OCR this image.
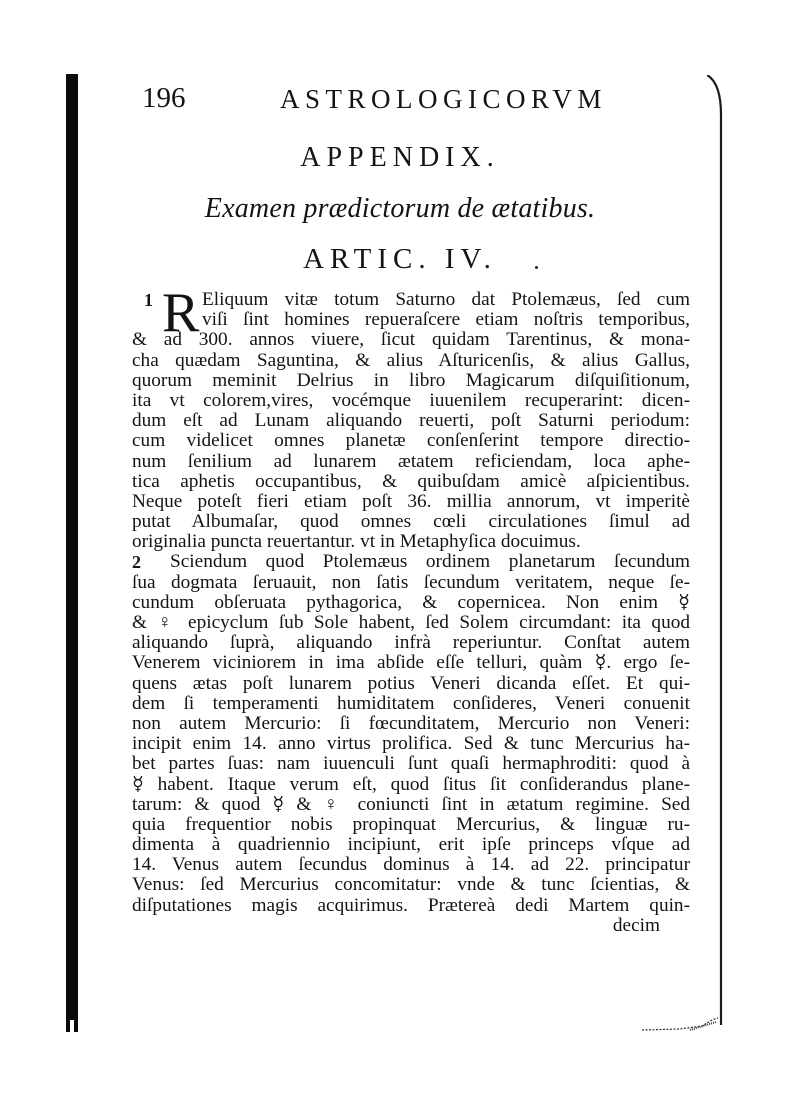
196	ASTROLOGICORVM
APPENDIX.
Examen prædictorum de ætatibus.
ARTIC. IV.
1 R Eliquum vitæ totum Saturno dat Ptolemæus, ſed cum
viſi ſint homines repueraſcere etiam noſtris temporibus,
& ad 300. annos viuere, ſicut quidam Tarentinus, & mona-
cha quædam Saguntina, & alius Aſturicenſis, & alius Gallus,
quorum meminit Delrius in libro Magicarum diſquiſitionum,
ita vt colorem,vires, vocémque iuuenilem recuperarint: dicen-
dum eſt ad Lunam aliquando reuerti, poſt Saturni periodum:
cum videlicet omnes planetæ conſenſerint tempore directio-
num ſenilium ad lunarem ætatem reficiendam, loca aphe-
tica aphetis occupantibus, & quibuſdam amicè aſpicientibus.
Neque poteſt fieri etiam poſt 36. millia annorum, vt imperitè
putat Albumaſar, quod omnes cœli circulationes ſimul ad
originalia puncta reuertantur. vt in Metaphyſica docuimus.
2	Sciendum quod Ptolemæus ordinem planetarum ſecundum
ſua dogmata ſeruauit, non ſatis ſecundum veritatem, neque ſe-
cundum obſeruata pythagorica, & copernicea. Non enim ☿
& ♀ epicyclum ſub Sole habent, ſed Solem circumdant: ita quod
aliquando ſuprà, aliquando infrà reperiuntur. Conſtat autem
Venerem viciniorem in ima abſide eſſe telluri, quàm ☿. ergo ſe-
quens ætas poſt lunarem potius Veneri dicanda eſſet. Et qui-
dem ſi temperamenti humiditatem conſideres, Veneri conuenit
non autem Mercurio: ſi fœcunditatem, Mercurio non Veneri:
incipit enim 14. anno virtus prolifica. Sed & tunc Mercurius ha-
bet partes ſuas: nam iuuenculi ſunt quaſi hermaphroditi: quod à
☿ habent. Itaque verum eſt, quod ſitus ſit conſiderandus plane-
tarum: & quod ☿ & ♀ coniuncti ſint in ætatum regimine. Sed
quia frequentior nobis propinquat Mercurius, & linguæ ru-
dimenta à quadriennio incipiunt, erit ipſe princeps vſque ad
14. Venus autem ſecundus dominus à 14. ad 22. principatur
Venus: ſed Mercurius concomitatur: vnde & tunc ſcientias, &
diſputationes magis acquirimus. Prætereà dedi Martem quin-
decim
